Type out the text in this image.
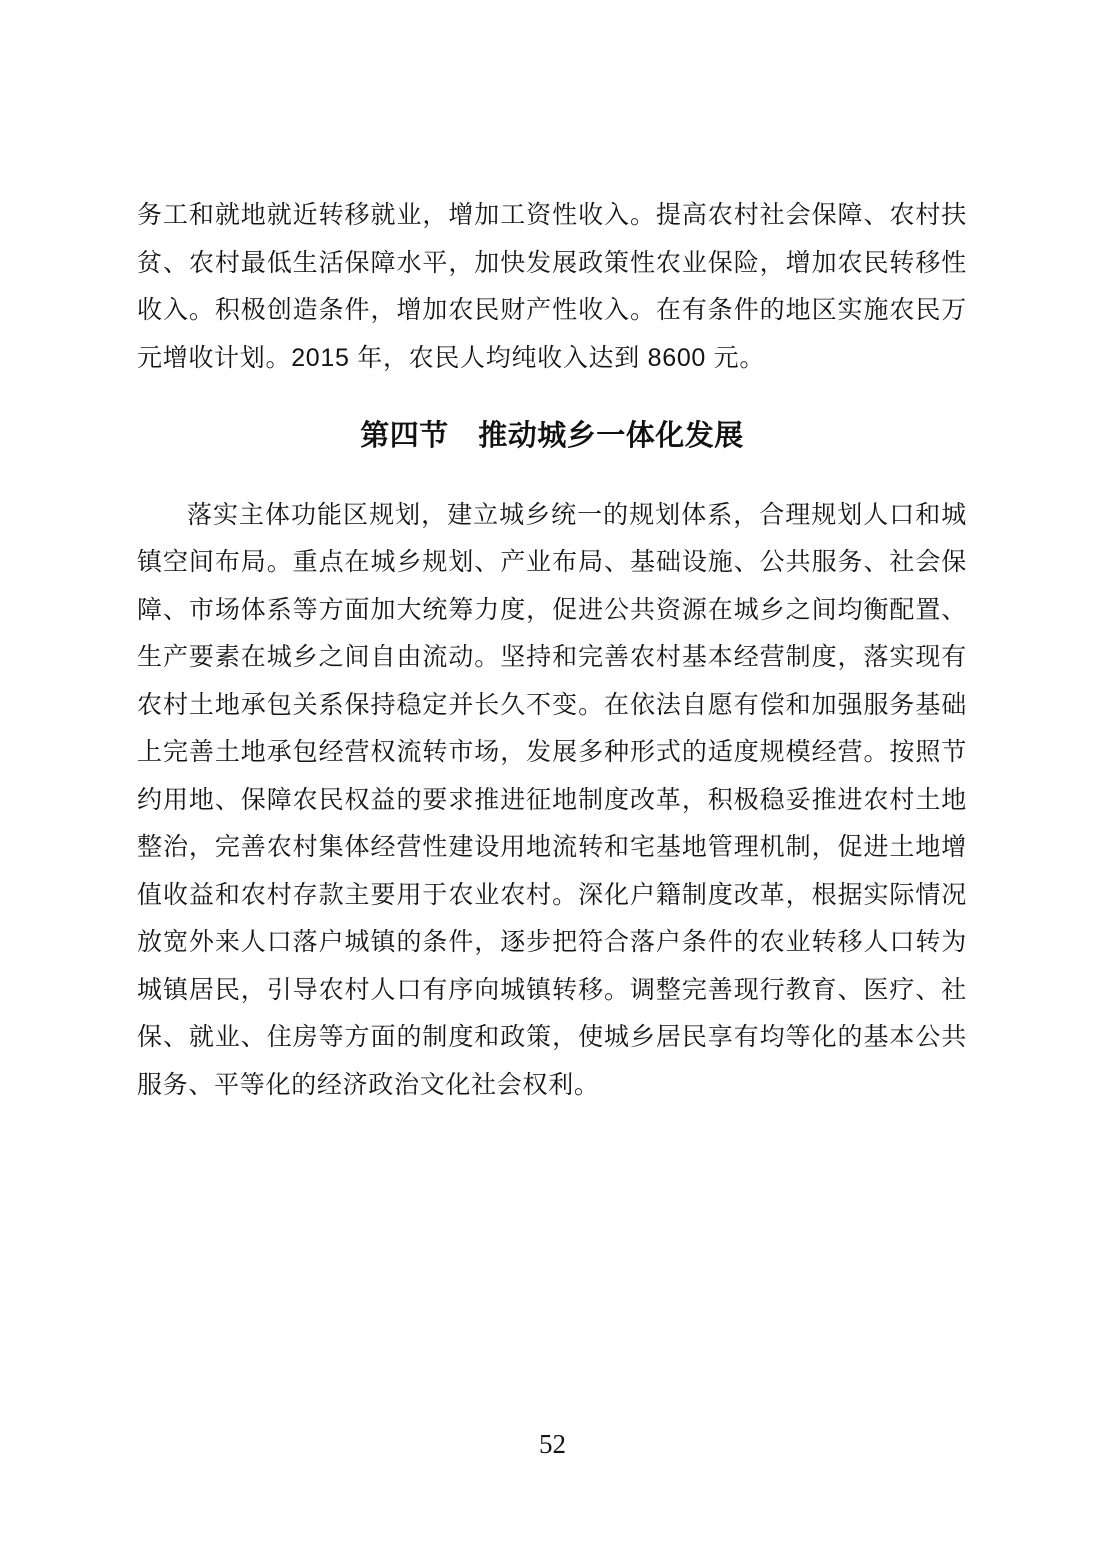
务工和就地就近转移就业，增加工资性收入。提高农村社会保障、农村扶贫、农村最低生活保障水平，加快发展政策性农业保险，增加农民转移性收入。积极创造条件，增加农民财产性收入。在有条件的地区实施农民万元增收计划。2015 年，农民人均纯收入达到 8600 元。

第四节　推动城乡一体化发展

落实主体功能区规划，建立城乡统一的规划体系，合理规划人口和城镇空间布局。重点在城乡规划、产业布局、基础设施、公共服务、社会保障、市场体系等方面加大统筹力度，促进公共资源在城乡之间均衡配置、生产要素在城乡之间自由流动。坚持和完善农村基本经营制度，落实现有农村土地承包关系保持稳定并长久不变。在依法自愿有偿和加强服务基础上完善土地承包经营权流转市场，发展多种形式的适度规模经营。按照节约用地、保障农民权益的要求推进征地制度改革，积极稳妥推进农村土地整治，完善农村集体经营性建设用地流转和宅基地管理机制，促进土地增值收益和农村存款主要用于农业农村。深化户籍制度改革，根据实际情况放宽外来人口落户城镇的条件，逐步把符合落户条件的农业转移人口转为城镇居民，引导农村人口有序向城镇转移。调整完善现行教育、医疗、社保、就业、住房等方面的制度和政策，使城乡居民享有均等化的基本公共服务、平等化的经济政治文化社会权利。

52
